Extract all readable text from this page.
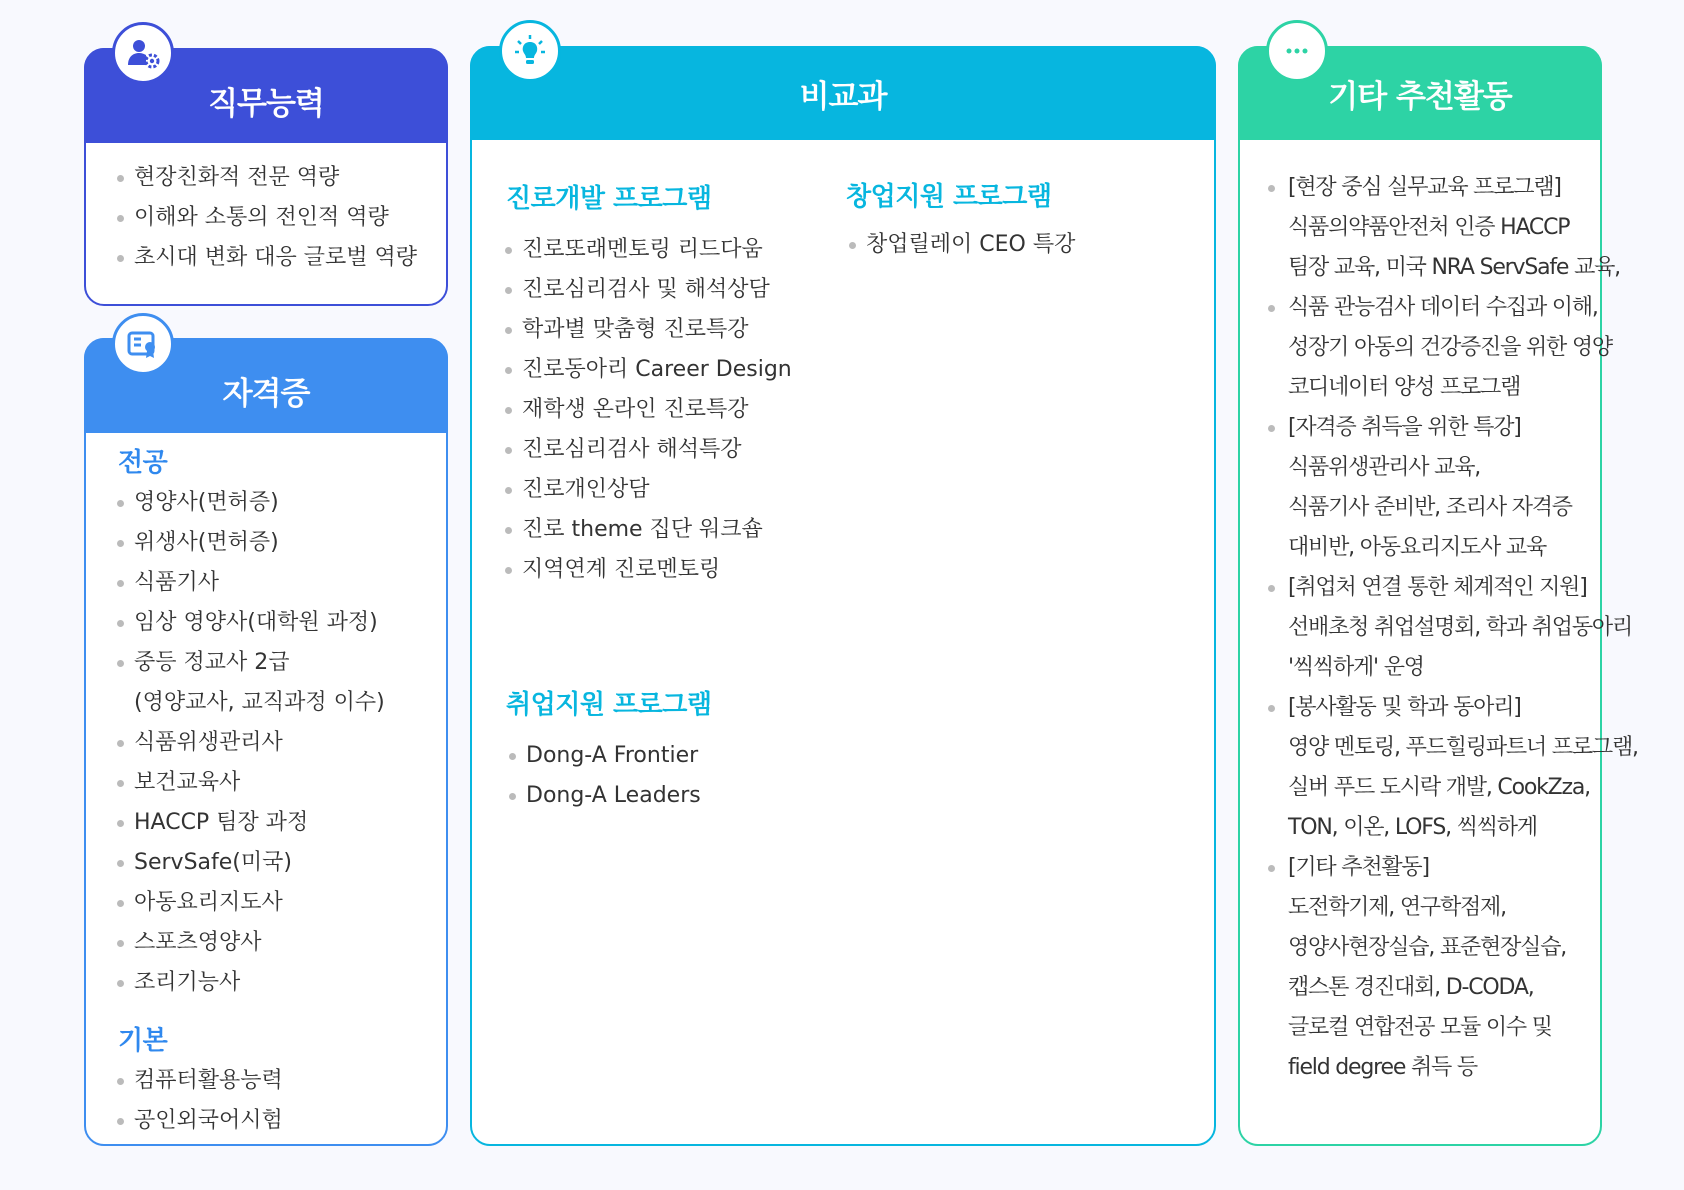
직무능력
현장친화적 전문 역량
이해와 소통의 전인적 역량
초시대 변화 대응 글로벌 역량
자격증
전공
영양사(면허증)
위생사(면허증)
식품기사
임상 영양사(대학원 과정)
중등 정교사 2급
(영양교사, 교직과정 이수)
식품위생관리사
보건교육사
HACCP 팀장 과정
ServSafe(미국)
아동요리지도사
스포츠영양사
조리기능사
기본
컴퓨터활용능력
공인외국어시험
비교과
진로개발 프로그램
진로또래멘토링 리드다움
진로심리검사 및 해석상담
학과별 맞춤형 진로특강
진로동아리 Career Design
재학생 온라인 진로특강
진로심리검사 해석특강
진로개인상담
진로 theme 집단 워크숍
지역연계 진로멘토링
창업지원 프로그램
창업릴레이 CEO 특강
취업지원 프로그램
Dong-A Frontier
Dong-A Leaders
기타 추천활동
[현장 중심 실무교육 프로그램]
식품의약품안전처 인증 HACCP
팀장 교육, 미국 NRA ServSafe 교육,
식품 관능검사 데이터 수집과 이해,
성장기 아동의 건강증진을 위한 영양
코디네이터 양성 프로그램
[자격증 취득을 위한 특강]
식품위생관리사 교육,
식품기사 준비반, 조리사 자격증
대비반, 아동요리지도사 교육
[취업처 연결 통한 체계적인 지원]
선배초청 취업설명회, 학과 취업동아리
'씩씩하게' 운영
[봉사활동 및 학과 동아리]
영양 멘토링, 푸드힐링파트너 프로그램,
실버 푸드 도시락 개발, CookZza,
TON, 이온, LOFS, 씩씩하게
[기타 추천활동]
도전학기제, 연구학점제,
영양사현장실습, 표준현장실습,
캡스톤 경진대회, D-CODA,
글로컬 연합전공 모듈 이수 및
field degree 취득 등
